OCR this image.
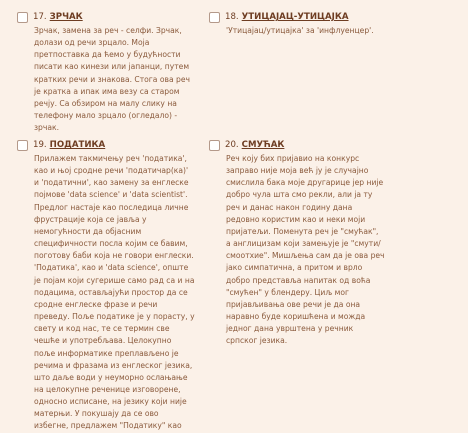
17. ЗРЧАК
Зрчак, замена за реч - селфи. Зрчак,
долази од речи зрцало. Моја
претпоставка да ћемо у будућности
писати као кинези или јапанци, путем
кратких речи и знакова. Стога ова реч
је кратка а ипак има везу са старом
речју. Са обзиром на малу слику на
телефону мало зрцало (огледало) -
зрчак.
18. УТИЦАЈАЦ-УТИЦАЈКА
'Утицајац/утицајка' за 'инфлуенцер'.
19. ПОДАТИКА
Прилажем такмичењу реч 'податика',
као и њој сродне речи 'податичар(ка)'
и 'податични', као замену за енглеске
појмове 'data science' и 'data scientist'.
Предлог настаје као последица личне
фрустрације која се јавља у
немогућности да објасним
специфичности посла којим се бавим,
поготову баби која не говори енглески.
'Податика', као и 'data science', опште
је појам који сугерише само рад са и на
подацима, остављајући простор да се
сродне енглеске фразе и речи
преведу. Поље податике је у порасту, у
свету и код нас, те се термин све
чешће и употребљава. Целокупно
поље информатике преплављено је
речима и фразама из енглеског језика,
што даље води у неуморно ослањање
на целокупне реченице изговорене,
односно исписане, на језику који није
матерњи. У покушају да се ово
избегне, предлажем "Податику" као
20. СМУЋАК
Реч коју бих пријавио на конкурс
заправо није моја већ ју је случајно
смислила бака моје другарице јер није
добро чула шта смо рекли, али ја ту
реч и данас након годину дана
редовно користим као и неки моји
пријатељи. Поменута реч је "смућак",
а англицизам који замењује је "смути/
смоотхие". Мишљења сам да је ова реч
јако симпатична, а притом и врло
добро представља напитак од воћа
"смућен" у блендеру. Циљ мог
пријављивања ове речи је да она
наравно буде коришћена и можда
једног дана уврштена у речник
српског језика.
